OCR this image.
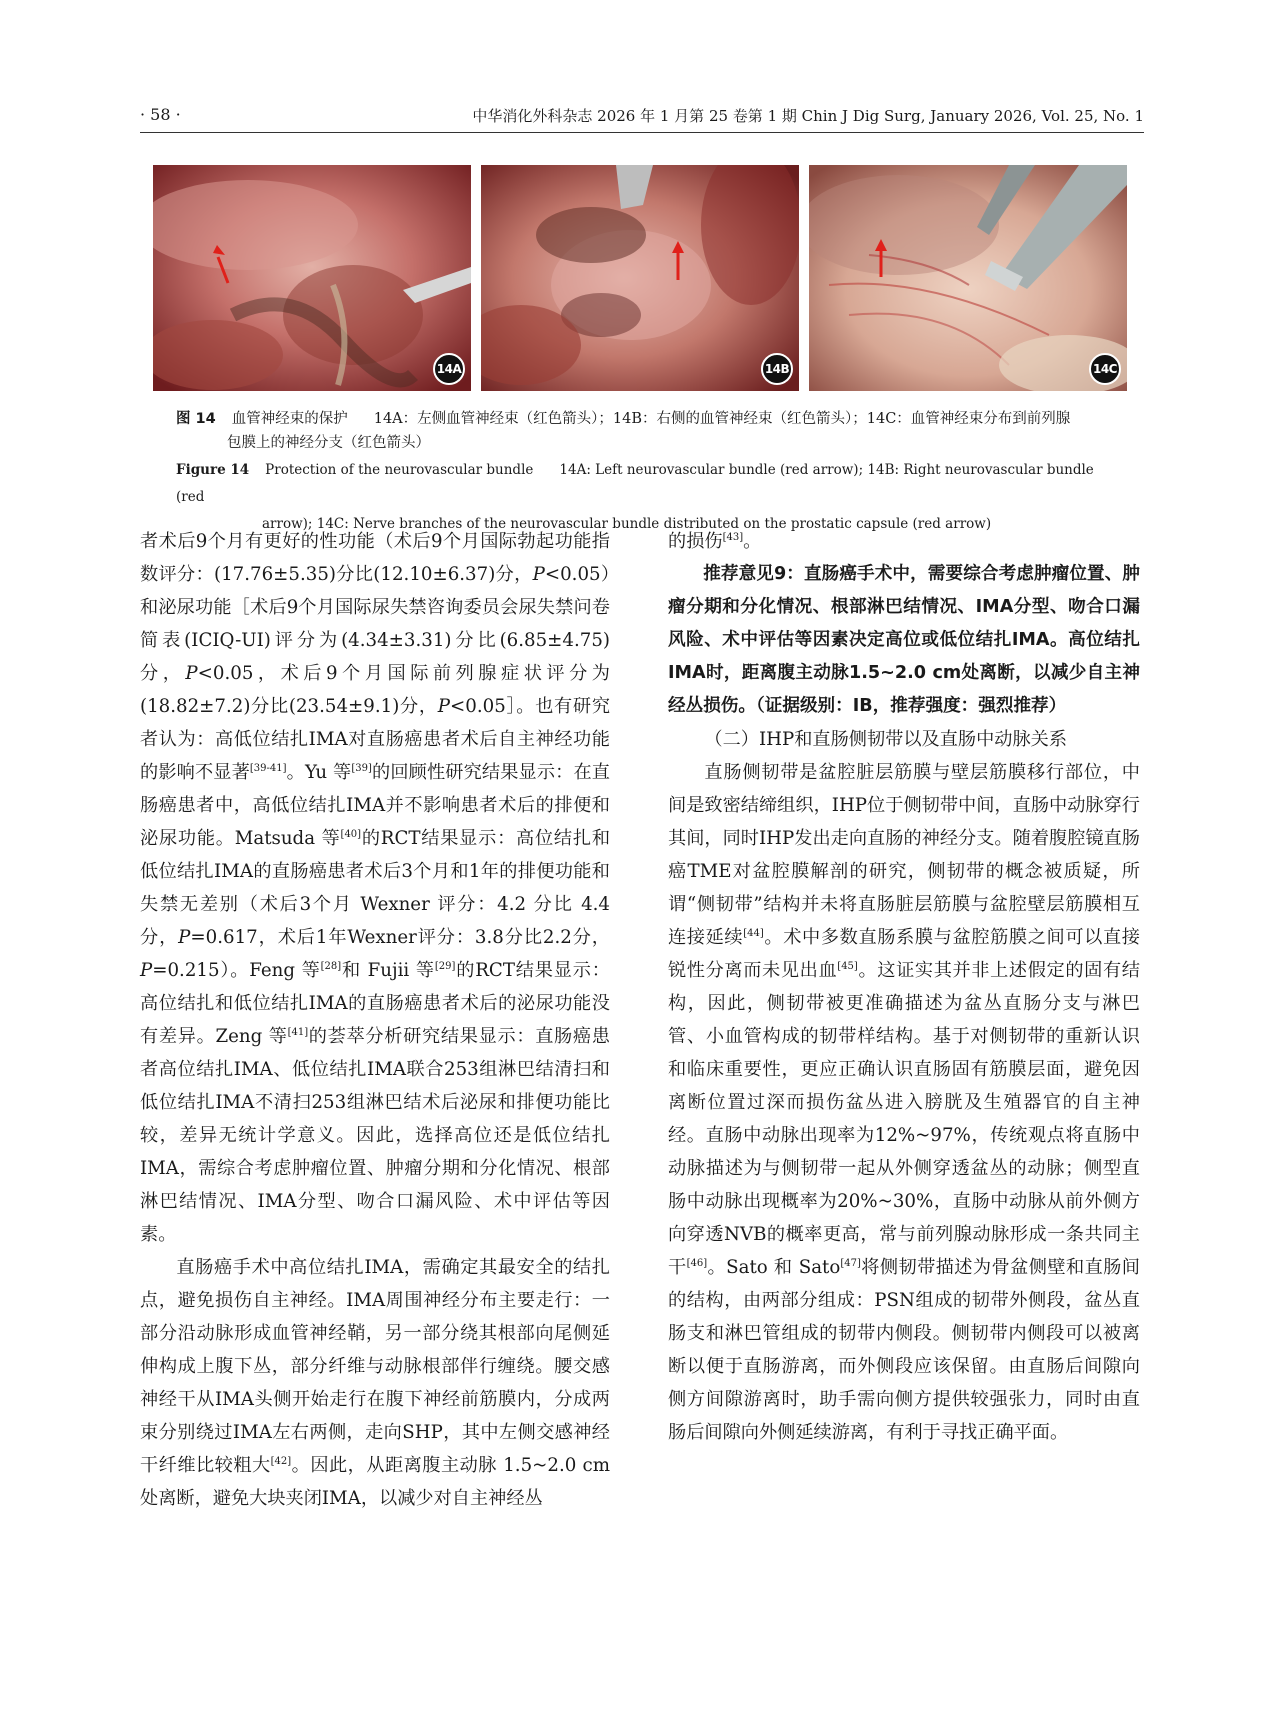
· 58 ·	中华消化外科杂志 2026 年 1 月第 25 卷第 1 期 Chin J Dig Surg, January 2026, Vol. 25, No. 1
14A	14B	14C
图 14 血管神经束的保护 14A：左侧血管神经束（红色箭头）；14B：右侧的血管神经束（红色箭头）；14C：血管神经束分布到前列腺
包膜上的神经分支（红色箭头）
Figure 14 Protection of the neurovascular bundle 14A: Left neurovascular bundle (red arrow); 14B: Right neurovascular bundle (red
arrow); 14C: Nerve branches of the neurovascular bundle distributed on the prostatic capsule (red arrow)

者术后9个月有更好的性功能（术后9个月国际勃起功能指数评分：(17.76±5.35)分比(12.10±6.37)分，P<0.05）和泌尿功能［术后9个月国际尿失禁咨询委员会尿失禁问卷简表(ICIQ-UI)评分为(4.34±3.31)分比(6.85±4.75)分，P<0.05，术后9个月国际前列腺症状评分为(18.82±7.2)分比(23.54±9.1)分，P<0.05］。也有研究者认为：高低位结扎IMA对直肠癌患者术后自主神经功能的影响不显著[39-41]。Yu 等[39]的回顾性研究结果显示：在直肠癌患者中，高低位结扎IMA并不影响患者术后的排便和泌尿功能。Matsuda 等[40]的RCT结果显示：高位结扎和低位结扎IMA的直肠癌患者术后3个月和1年的排便功能和失禁无差别（术后3个月 Wexner 评分：4.2 分比 4.4 分，P=0.617，术后1年Wexner评分：3.8分比2.2分，P=0.215）。Feng 等[28]和 Fujii 等[29]的RCT结果显示：高位结扎和低位结扎IMA的直肠癌患者术后的泌尿功能没有差异。Zeng 等[41]的荟萃分析研究结果显示：直肠癌患者高位结扎IMA、低位结扎IMA联合253组淋巴结清扫和低位结扎IMA不清扫253组淋巴结术后泌尿和排便功能比较，差异无统计学意义。因此，选择高位还是低位结扎IMA，需综合考虑肿瘤位置、肿瘤分期和分化情况、根部淋巴结情况、IMA分型、吻合口漏风险、术中评估等因素。

直肠癌手术中高位结扎IMA，需确定其最安全的结扎点，避免损伤自主神经。IMA周围神经分布主要走行：一部分沿动脉形成血管神经鞘，另一部分绕其根部向尾侧延伸构成上腹下丛，部分纤维与动脉根部伴行缠绕。腰交感神经干从IMA头侧开始走行在腹下神经前筋膜内，分成两束分别绕过IMA左右两侧，走向SHP，其中左侧交感神经干纤维比较粗大[42]。因此，从距离腹主动脉 1.5~2.0 cm 处离断，避免大块夹闭IMA，以减少对自主神经丛

的损伤[43]。

推荐意见9：直肠癌手术中，需要综合考虑肿瘤位置、肿瘤分期和分化情况、根部淋巴结情况、IMA分型、吻合口漏风险、术中评估等因素决定高位或低位结扎IMA。高位结扎IMA时，距离腹主动脉1.5~2.0 cm处离断，以减少自主神经丛损伤。（证据级别：IB，推荐强度：强烈推荐）

（二）IHP和直肠侧韧带以及直肠中动脉关系

直肠侧韧带是盆腔脏层筋膜与壁层筋膜移行部位，中间是致密结缔组织，IHP位于侧韧带中间，直肠中动脉穿行其间，同时IHP发出走向直肠的神经分支。随着腹腔镜直肠癌TME对盆腔膜解剖的研究，侧韧带的概念被质疑，所谓“侧韧带”结构并未将直肠脏层筋膜与盆腔壁层筋膜相互连接延续[44]。术中多数直肠系膜与盆腔筋膜之间可以直接锐性分离而未见出血[45]。这证实其并非上述假定的固有结构，因此，侧韧带被更准确描述为盆丛直肠分支与淋巴管、小血管构成的韧带样结构。基于对侧韧带的重新认识和临床重要性，更应正确认识直肠固有筋膜层面，避免因离断位置过深而损伤盆丛进入膀胱及生殖器官的自主神经。直肠中动脉出现率为12%~97%，传统观点将直肠中动脉描述为与侧韧带一起从外侧穿透盆丛的动脉；侧型直肠中动脉出现概率为20%~30%，直肠中动脉从前外侧方向穿透NVB的概率更高，常与前列腺动脉形成一条共同主干[46]。Sato 和 Sato[47]将侧韧带描述为骨盆侧壁和直肠间的结构，由两部分组成：PSN组成的韧带外侧段，盆丛直肠支和淋巴管组成的韧带内侧段。侧韧带内侧段可以被离断以便于直肠游离，而外侧段应该保留。由直肠后间隙向侧方间隙游离时，助手需向侧方提供较强张力，同时由直肠后间隙向外侧延续游离，有利于寻找正确平面。
